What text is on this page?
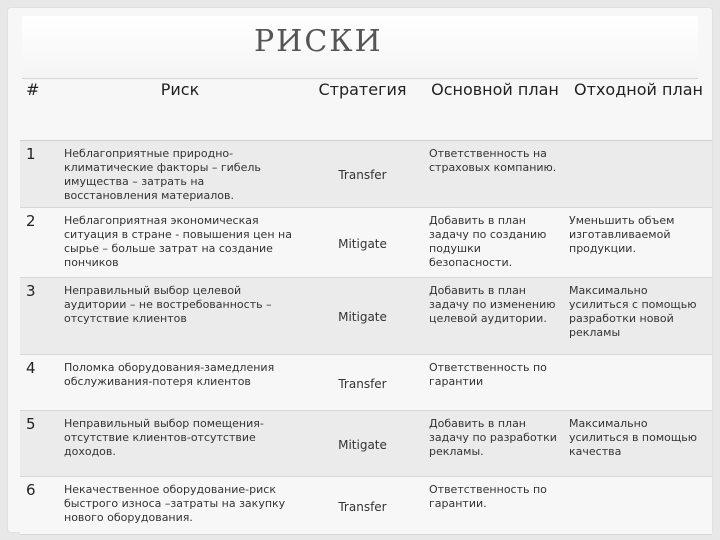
РИСКИ
#	Риск	Стратегия	Основной план	Отходной план
1	Неблагоприятные природно-климатические факторы – гибель имущества – затрать на восстановления материалов.	Transfer	Ответственность на страховых компанию.	
2	Неблагоприятная экономическая ситуация в стране - повышения цен на сырье – больше затрат на создание пончиков	Mitigate	Добавить в план задачу по созданию подушки безопасности.	Уменьшить объем изготавливаемой продукции.
3	Неправильный выбор целевой аудитории – не востребованность – отсутствие клиентов	Mitigate	Добавить в план задачу по изменению целевой аудитории.	Максимально усилиться с помощью разработки новой рекламы
4	Поломка оборудования-замедления обслуживания-потеря клиентов	Transfer	Ответственность по гарантии	
5	Неправильный выбор помещения-отсутствие клиентов-отсутствие доходов.	Mitigate	Добавить в план задачу по разработки рекламы.	Максимально усилиться в помощью качества
6	Некачественное оборудование-риск быстрого износа –затраты на закупку нового оборудования.	Transfer	Ответственность по гарантии.	
